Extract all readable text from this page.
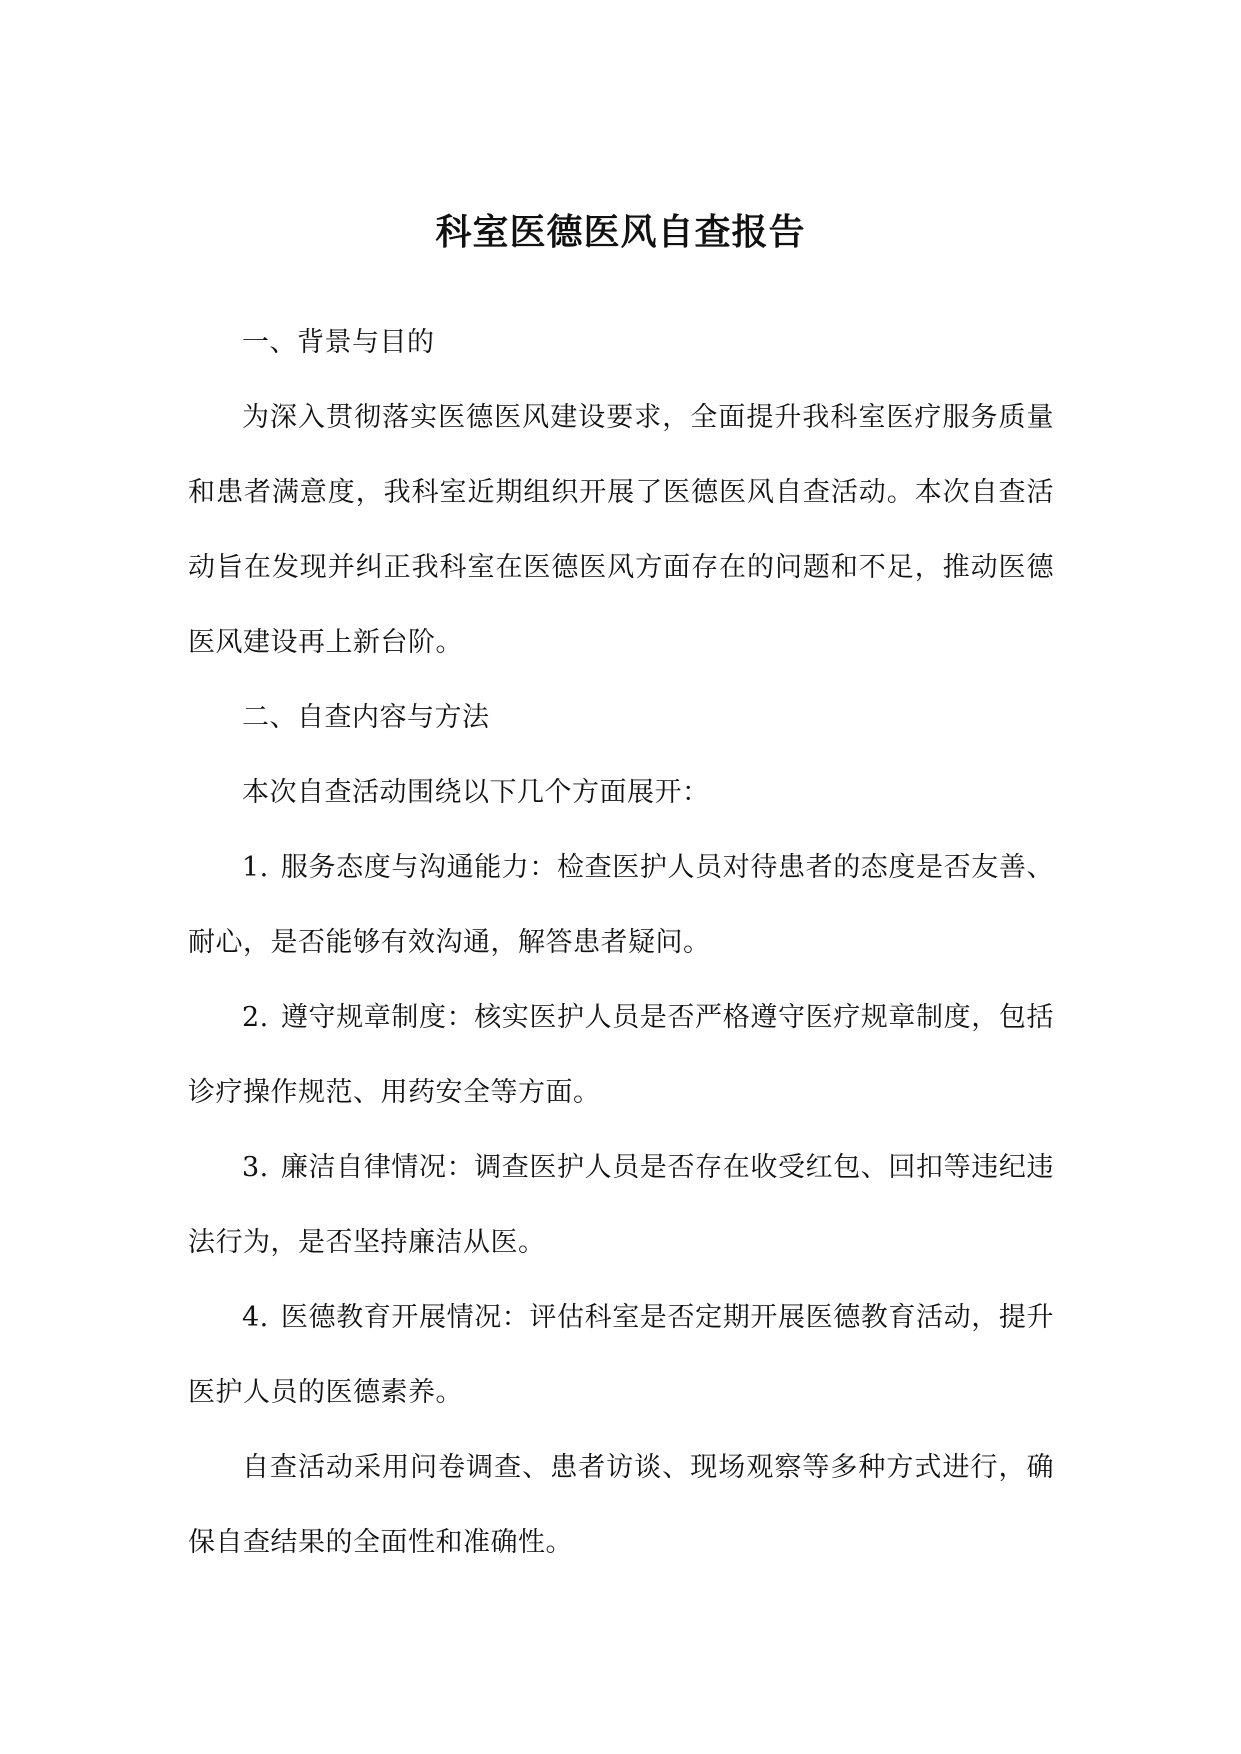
科室医德医风自查报告

一、背景与目的

为深入贯彻落实医德医风建设要求，全面提升我科室医疗服务质量和患者满意度，我科室近期组织开展了医德医风自查活动。本次自查活动旨在发现并纠正我科室在医德医风方面存在的问题和不足，推动医德医风建设再上新台阶。

二、自查内容与方法

本次自查活动围绕以下几个方面展开：

1. 服务态度与沟通能力：检查医护人员对待患者的态度是否友善、耐心，是否能够有效沟通，解答患者疑问。

2. 遵守规章制度：核实医护人员是否严格遵守医疗规章制度，包括诊疗操作规范、用药安全等方面。

3. 廉洁自律情况：调查医护人员是否存在收受红包、回扣等违纪违法行为，是否坚持廉洁从医。

4. 医德教育开展情况：评估科室是否定期开展医德教育活动，提升医护人员的医德素养。

自查活动采用问卷调查、患者访谈、现场观察等多种方式进行，确保自查结果的全面性和准确性。
